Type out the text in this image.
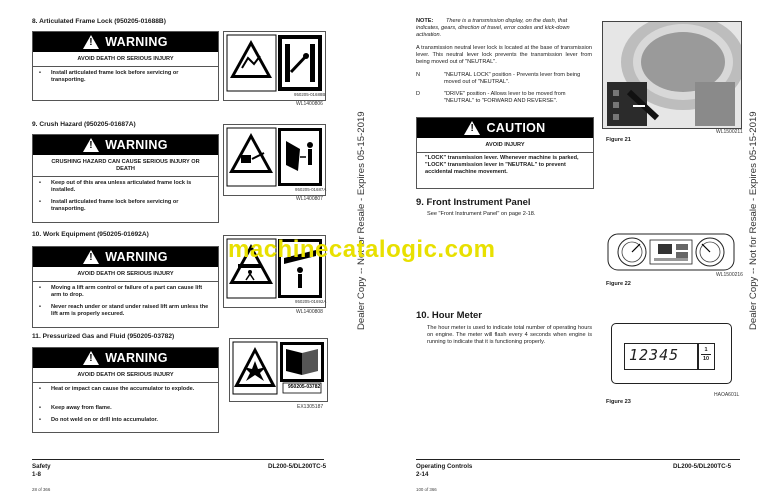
8. Articulated Frame Lock (950205-01688B)
!
WARNING
AVOID DEATH OR SERIOUS INJURY
• Install articulated frame lock before servicing or transporting.
950205-01688B
WL1400806
9. Crush Hazard (950205-01687A)
!
WARNING
CRUSHING HAZARD CAN CAUSE SERIOUS INJURY OR DEATH
• Keep out of this area unless articulated frame lock is installed.
• Install articulated frame lock before servicing or transporting.
950205-01687A
WL1400807
10. Work Equipment (950205-01692A)
!
WARNING
AVOID DEATH OR SERIOUS INJURY
• Moving a lift arm control or failure of a part can cause lift arm to drop.
• Never reach under or stand under raised lift arm unless the lift arm is properly secured.
950205-01692A
WL1400808
11. Pressurized Gas and Fluid (950205-03782)
!
WARNING
AVOID DEATH OR SERIOUS INJURY
• Heat or impact can cause the accumulator to explode.
• Keep away from flame.
• Do not weld on or drill into accumulator.
950205-03782
EX1305187
Safety
1-8
DL200-5/DL200TC-5
28 of 366
Dealer Copy -- Not for Resale - Expires 05-15-2019
NOTE: There is a transmission display, on the dash, that indicates, gears, direction of travel, error codes and kick-down activation.
A transmission neutral lever lock is located at the base of transmission lever. This neutral lever lock prevents the transmission lever from being moved out of "NEUTRAL".
N	"NEUTRAL LOCK" position - Prevents lever from being moved out of "NEUTRAL".
D	"DRIVE" position - Allows lever to be moved from "NEUTRAL" to "FORWARD AND REVERSE".
!
CAUTION
AVOID INJURY
"LOCK" transmission lever. Whenever machine is parked, "LOCK" transmission lever in "NEUTRAL" to prevent accidental machine movement.
WL1500211
Figure 21
9. Front Instrument Panel
See "Front Instrument Panel" on page 2-18.
WL1500216
Figure 22
10. Hour Meter
The hour meter is used to indicate total number of operating hours on engine. The meter will flash every 4 seconds when engine is running to indicate that it is functioning properly.
12345	1
10
HAOA601L
Figure 23
Operating Controls
2-14
DL200-5/DL200TC-5
100 of 366
Dealer Copy -- Not for Resale - Expires 05-15-2019
machinecatalogic.com
